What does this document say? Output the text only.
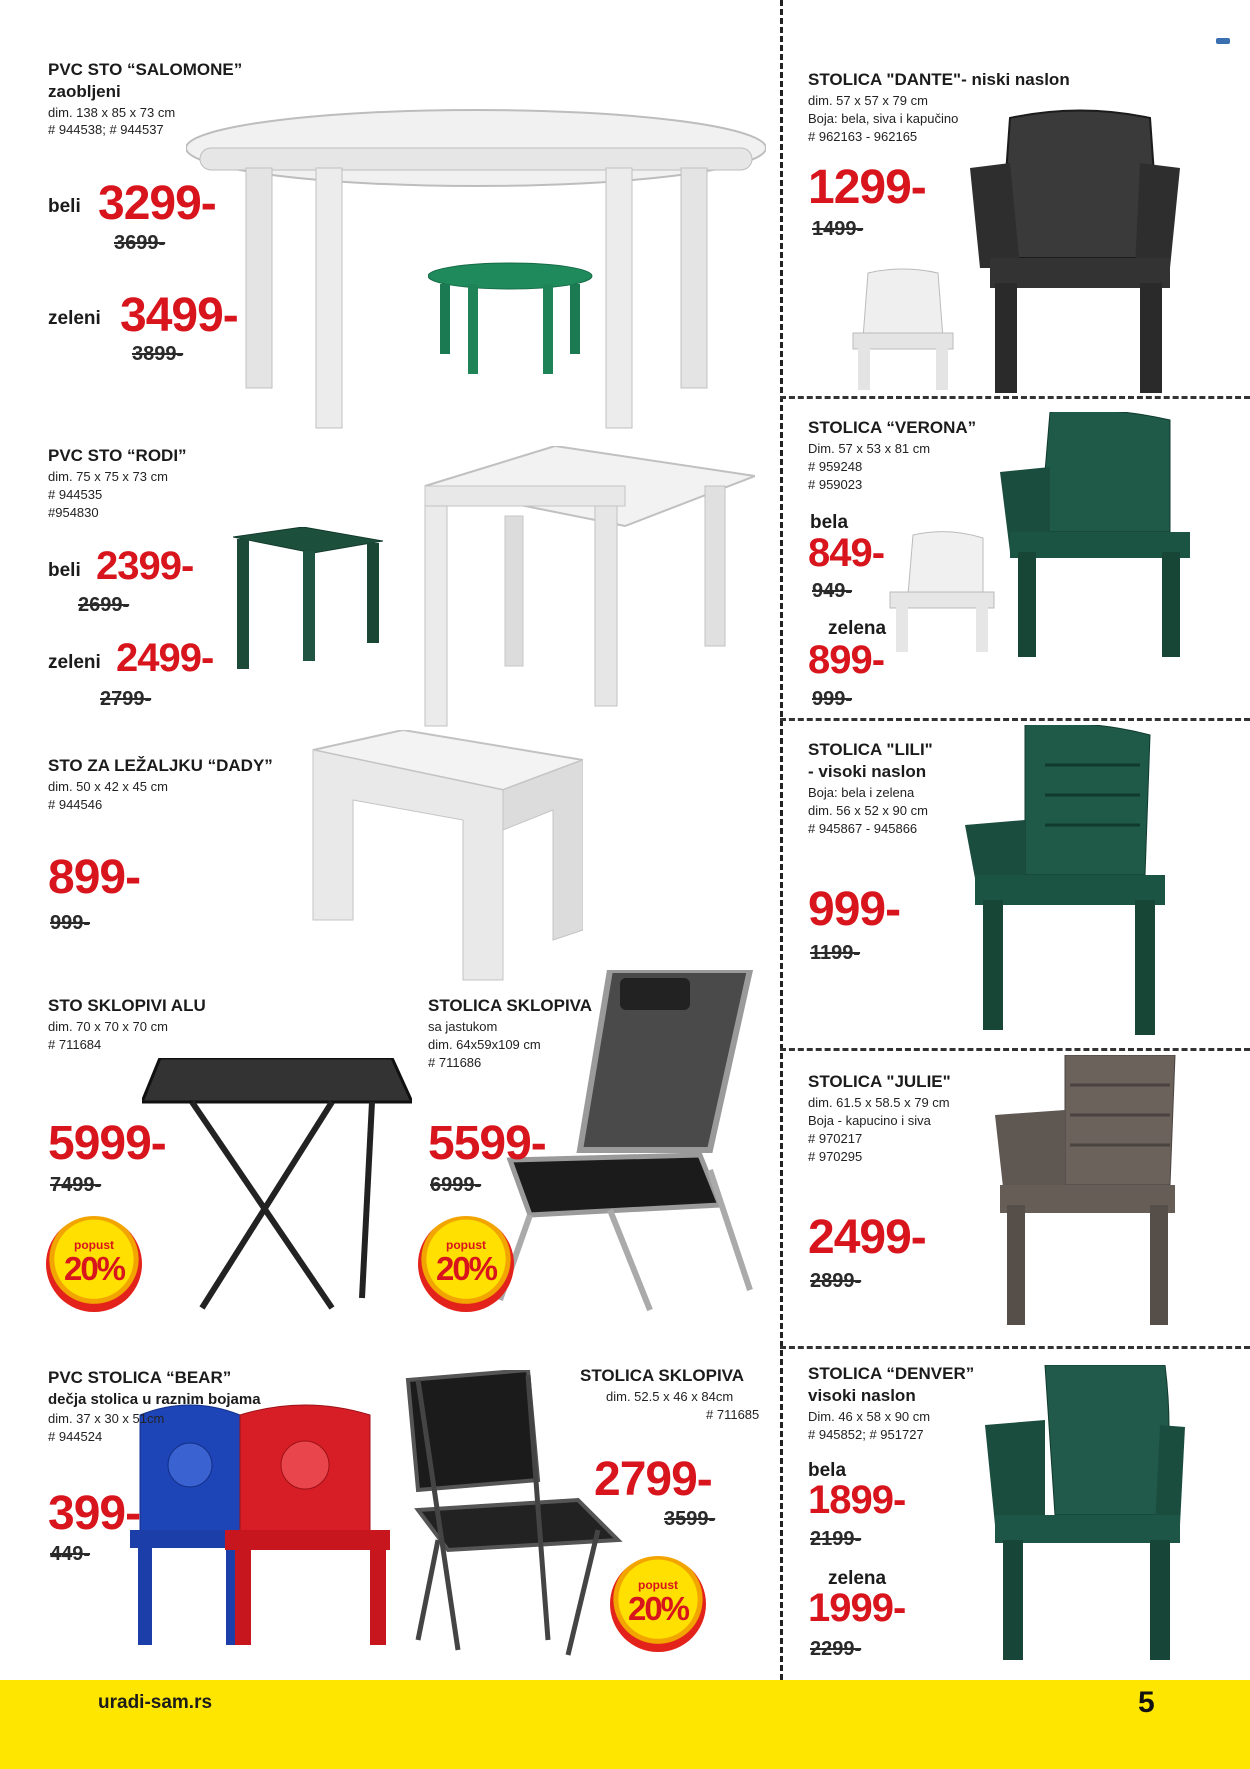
PVC STO “SALOMONE”
zaobljeni
dim. 138 x 85 x 73 cm
# 944538; # 944537
beli 3299-
3699-
zeleni 3499-
3899-
PVC STO “RODI”
dim. 75 x 75 x 73 cm
# 944535
#954830
beli 2399-
2699-
zeleni 2499-
2799-
STO ZA LEŽALJKU “DADY”
dim. 50 x 42 x 45 cm
# 944546
899-
999-
STO SKLOPIVI ALU
dim. 70 x 70 x 70 cm
# 711684
5999-
7499-
popust
20%
STOLICA SKLOPIVA
sa jastukom
dim. 64x59x109 cm
# 711686
5599-
6999-
popust
20%
PVC STOLICA “BEAR”
dečja stolica u raznim bojama
dim. 37 x 30 x 51cm
# 944524
399-
449-
STOLICA SKLOPIVA
dim. 52.5 x 46 x 84cm
# 711685
2799-
3599-
popust
20%
STOLICA "DANTE"- niski naslon
dim. 57 x 57 x 79 cm
Boja: bela, siva i kapučino
# 962163 - 962165
1299-
1499-
STOLICA “VERONA”
Dim. 57 x 53 x 81 cm
# 959248
# 959023
bela
849-
949-
zelena
899-
999-
STOLICA "LILI"
- visoki naslon
Boja: bela i zelena
dim. 56 x 52 x 90 cm
# 945867 - 945866
999-
1199-
STOLICA "JULIE"
dim. 61.5 x 58.5 x 79 cm
Boja - kapucino i siva
# 970217
# 970295
2499-
2899-
STOLICA “DENVER”
visoki naslon
Dim. 46 x 58 x 90 cm
# 945852; # 951727
bela
1899-
2199-
zelena
1999-
2299-
uradi-sam.rs	5
